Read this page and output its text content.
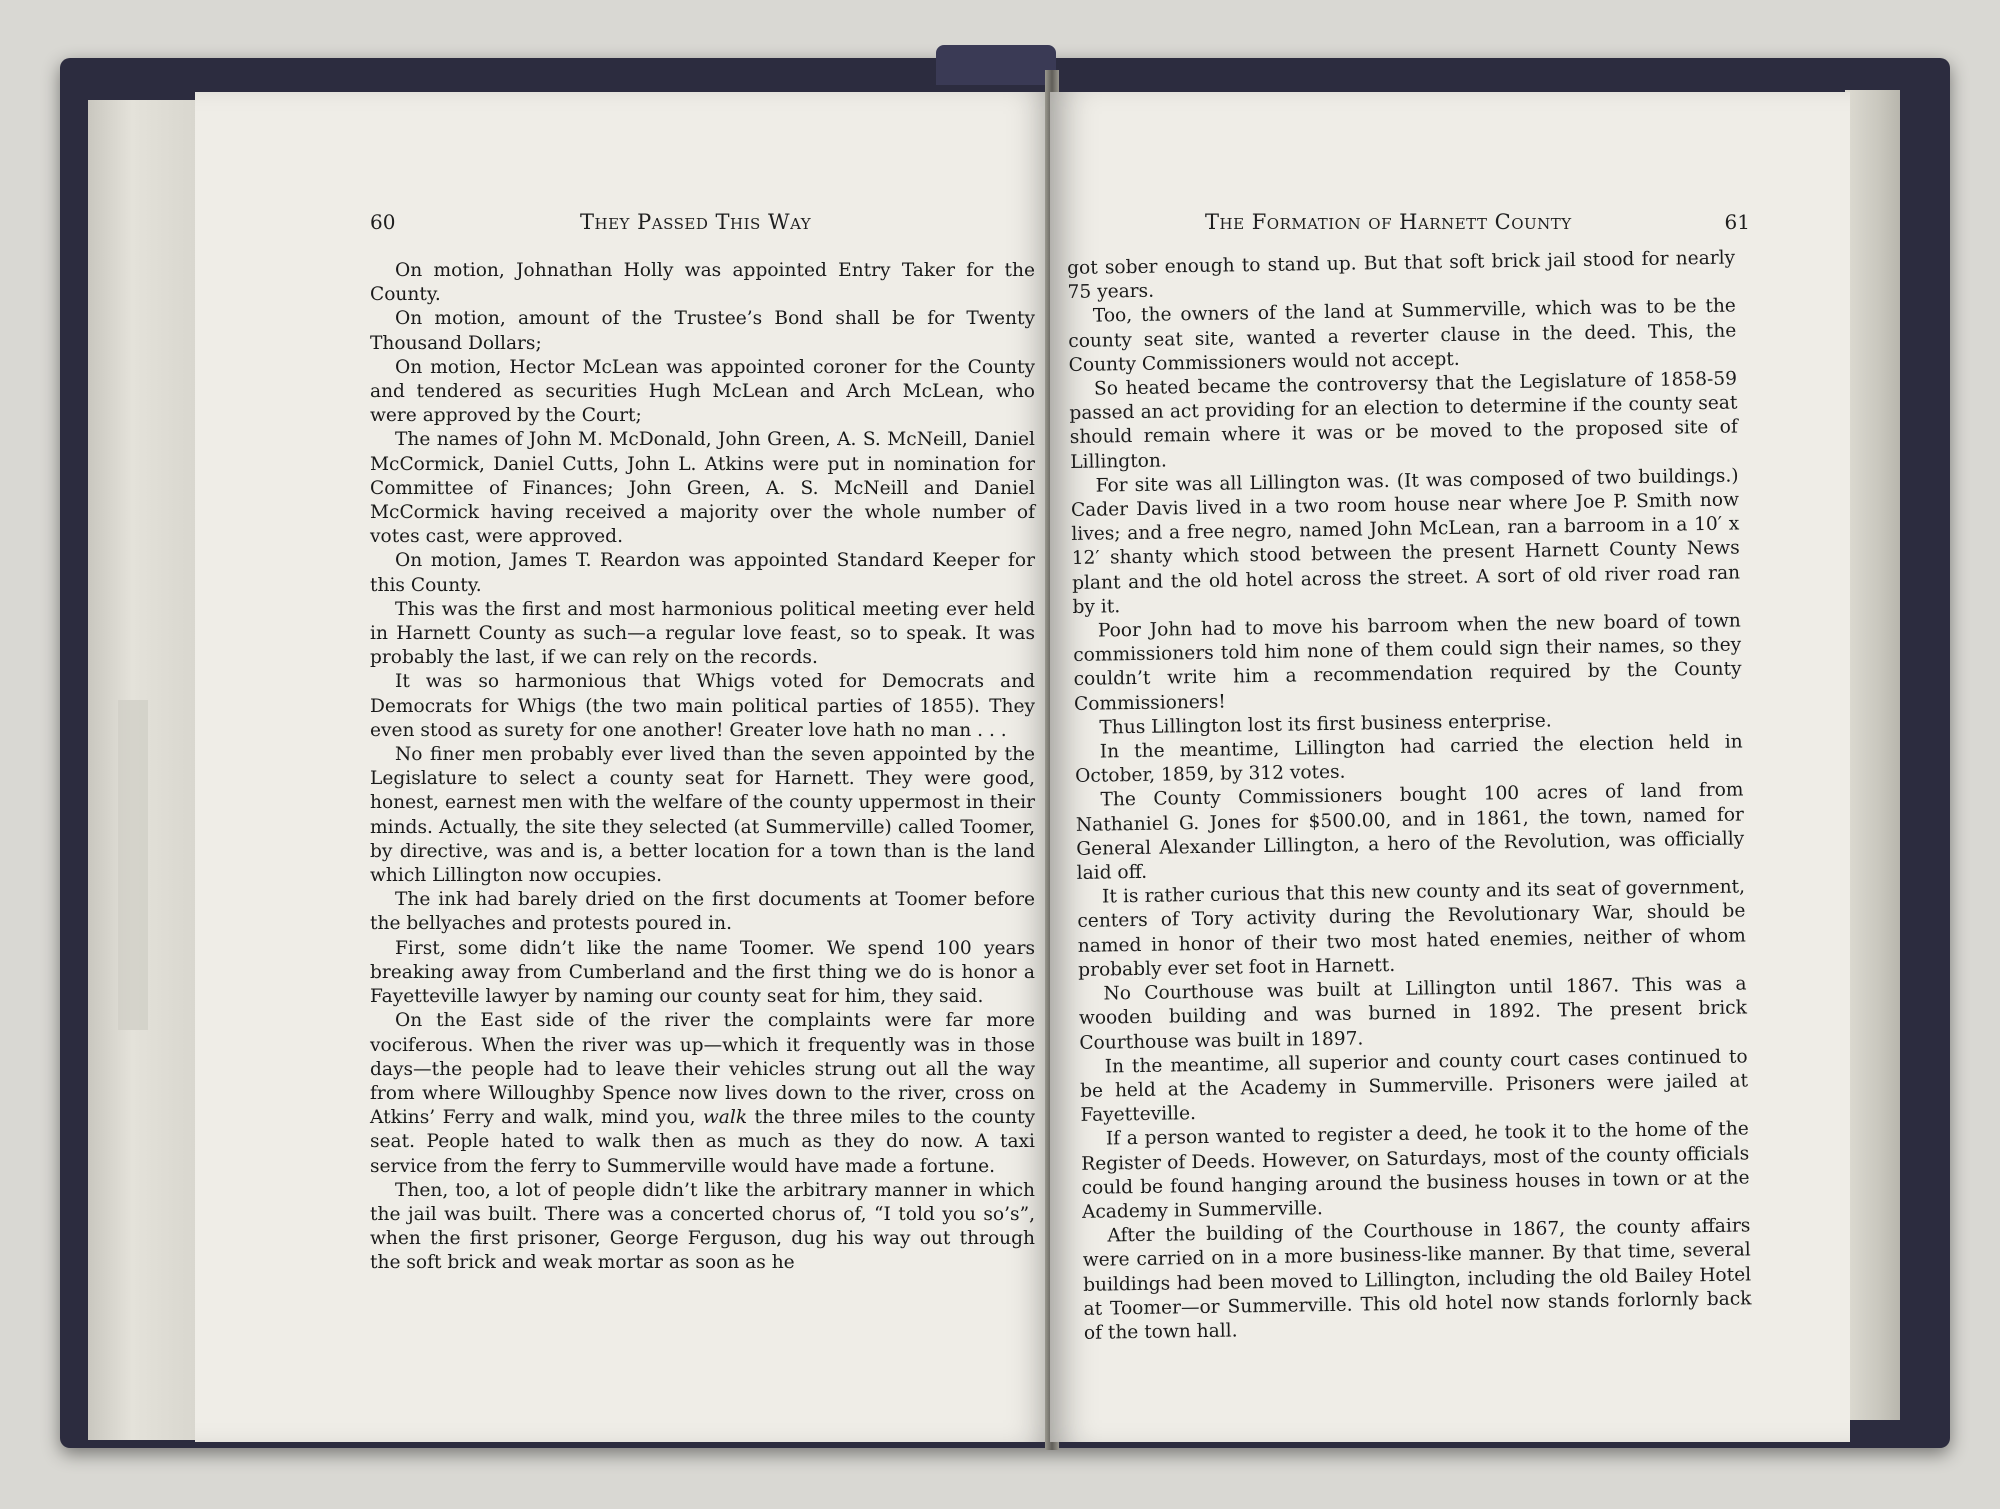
60	They Passed This Way

On motion, Johnathan Holly was appointed Entry Taker for the County.

On motion, amount of the Trustee’s Bond shall be for Twenty Thousand Dollars;

On motion, Hector McLean was appointed coroner for the County and tendered as securities Hugh McLean and Arch McLean, who were approved by the Court;

The names of John M. McDonald, John Green, A. S. McNeill, Daniel McCormick, Daniel Cutts, John L. Atkins were put in nomination for Committee of Finances; John Green, A. S. McNeill and Daniel McCormick having received a majority over the whole number of votes cast, were approved.

On motion, James T. Reardon was appointed Standard Keeper for this County.

This was the first and most harmonious political meeting ever held in Harnett County as such—a regular love feast, so to speak. It was probably the last, if we can rely on the records.

It was so harmonious that Whigs voted for Democrats and Democrats for Whigs (the two main political parties of 1855). They even stood as surety for one another! Greater love hath no man . . .

No finer men probably ever lived than the seven appointed by the Legislature to select a county seat for Harnett. They were good, honest, earnest men with the welfare of the county uppermost in their minds. Actually, the site they selected (at Summerville) called Toomer, by directive, was and is, a better location for a town than is the land which Lillington now occupies.

The ink had barely dried on the first documents at Toomer before the bellyaches and protests poured in.

First, some didn’t like the name Toomer. We spend 100 years breaking away from Cumberland and the first thing we do is honor a Fayetteville lawyer by naming our county seat for him, they said.

On the East side of the river the complaints were far more vociferous. When the river was up—which it frequently was in those days—the people had to leave their vehicles strung out all the way from where Willoughby Spence now lives down to the river, cross on Atkins’ Ferry and walk, mind you, walk the three miles to the county seat. People hated to walk then as much as they do now. A taxi service from the ferry to Summerville would have made a fortune.

Then, too, a lot of people didn’t like the arbitrary manner in which the jail was built. There was a concerted chorus of, “I told you so’s”, when the first prisoner, George Ferguson, dug his way out through the soft brick and weak mortar as soon as he

The Formation of Harnett County	61

got sober enough to stand up. But that soft brick jail stood for nearly 75 years.

Too, the owners of the land at Summerville, which was to be the county seat site, wanted a reverter clause in the deed. This, the County Commissioners would not accept.

So heated became the controversy that the Legislature of 1858-59 passed an act providing for an election to determine if the county seat should remain where it was or be moved to the proposed site of Lillington.

For site was all Lillington was. (It was composed of two buildings.) Cader Davis lived in a two room house near where Joe P. Smith now lives; and a free negro, named John McLean, ran a barroom in a 10′ x 12′ shanty which stood between the present Harnett County News plant and the old hotel across the street. A sort of old river road ran by it.

Poor John had to move his barroom when the new board of town commissioners told him none of them could sign their names, so they couldn’t write him a recommendation required by the County Commissioners!

Thus Lillington lost its first business enterprise.

In the meantime, Lillington had carried the election held in October, 1859, by 312 votes.

The County Commissioners bought 100 acres of land from Nathaniel G. Jones for $500.00, and in 1861, the town, named for General Alexander Lillington, a hero of the Revolution, was officially laid off.

It is rather curious that this new county and its seat of government, centers of Tory activity during the Revolutionary War, should be named in honor of their two most hated enemies, neither of whom probably ever set foot in Harnett.

No Courthouse was built at Lillington until 1867. This was a wooden building and was burned in 1892. The present brick Courthouse was built in 1897.

In the meantime, all superior and county court cases continued to be held at the Academy in Summerville. Prisoners were jailed at Fayetteville.

If a person wanted to register a deed, he took it to the home of the Register of Deeds. However, on Saturdays, most of the county officials could be found hanging around the business houses in town or at the Academy in Summerville.

After the building of the Courthouse in 1867, the county affairs were carried on in a more business-like manner. By that time, several buildings had been moved to Lillington, including the old Bailey Hotel at Toomer—or Summerville. This old hotel now stands forlornly back of the town hall.
